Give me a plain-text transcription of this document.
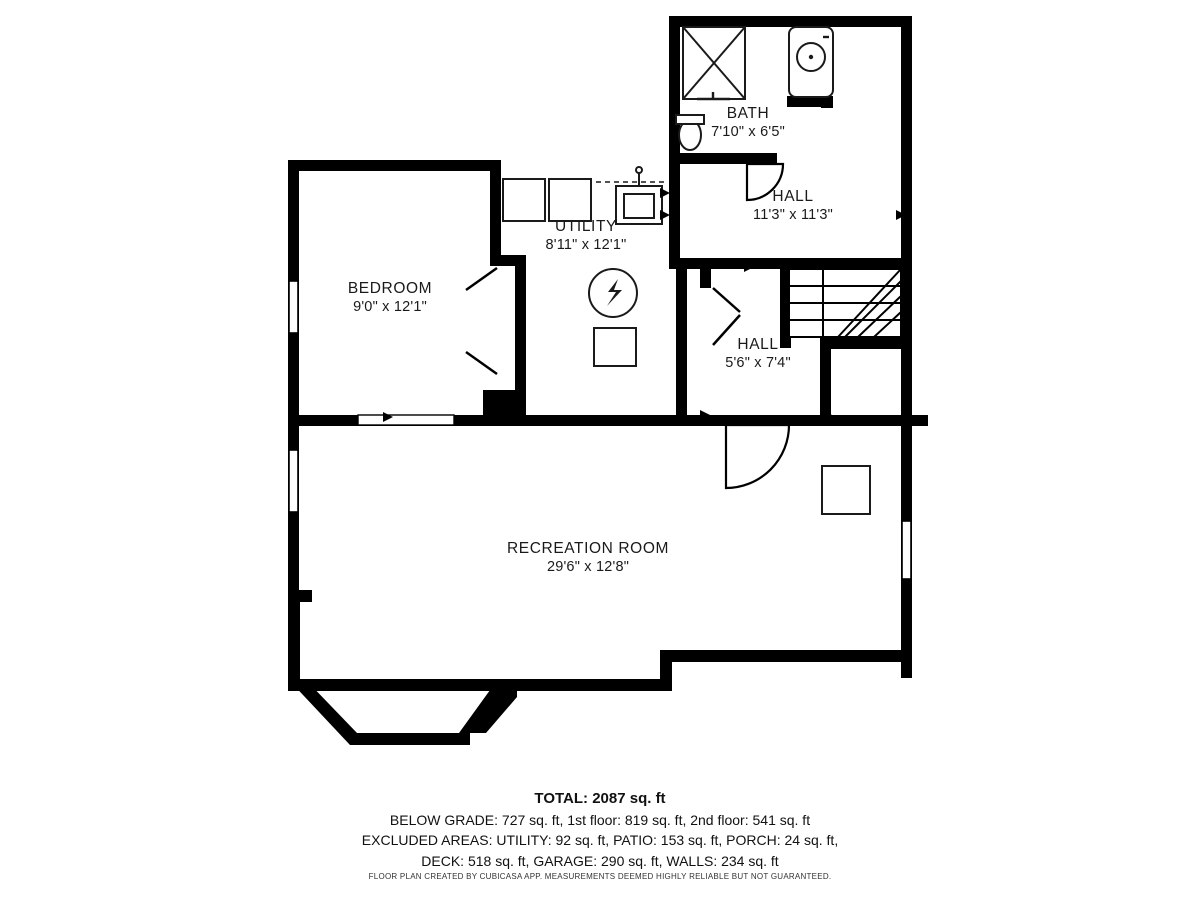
BATH
7'10" x 6'5"
HALL
11'3" x 11'3"
UTILITY
8'11" x 12'1"
BEDROOM
9'0" x 12'1"
HALL
5'6" x 7'4"
RECREATION ROOM
29'6" x 12'8"
TOTAL: 2087 sq. ft
BELOW GRADE: 727 sq. ft, 1st floor: 819 sq. ft, 2nd floor: 541 sq. ft
EXCLUDED AREAS: UTILITY: 92 sq. ft, PATIO: 153 sq. ft, PORCH: 24 sq. ft,
DECK: 518 sq. ft, GARAGE: 290 sq. ft, WALLS: 234 sq. ft
FLOOR PLAN CREATED BY CUBICASA APP. MEASUREMENTS DEEMED HIGHLY RELIABLE BUT NOT GUARANTEED.
